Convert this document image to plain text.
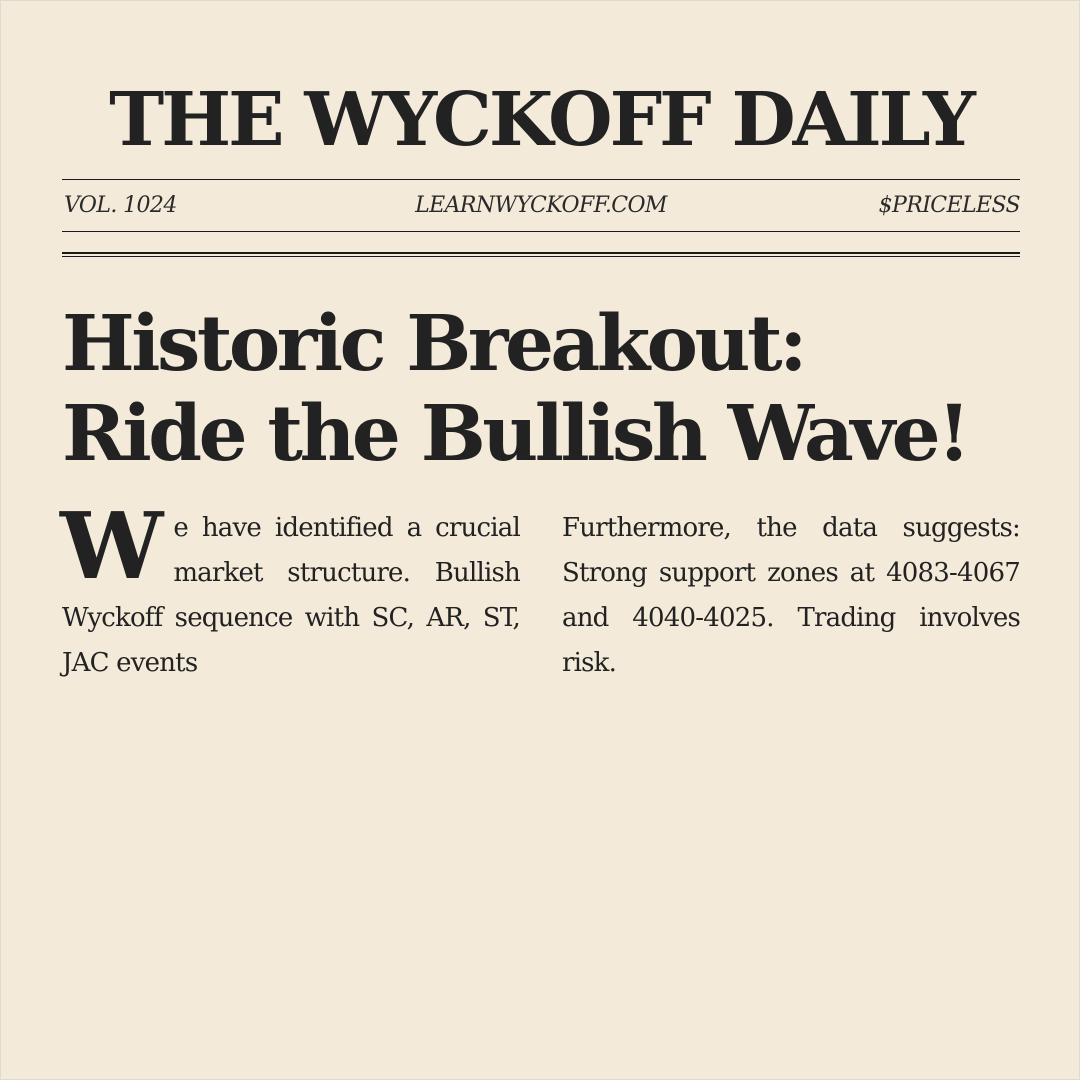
THE WYCKOFF DAILY
VOL. 1024	LEARNWYCKOFF.COM	$PRICELESS
Historic Breakout:
Ride the Bullish Wave!

We have identified a crucial market structure. Bullish Wyckoff sequence with SC, AR, ST, JAC events

Furthermore, the data suggests: Strong support zones at 4083-4067 and 4040-4025. Trading involves risk.
